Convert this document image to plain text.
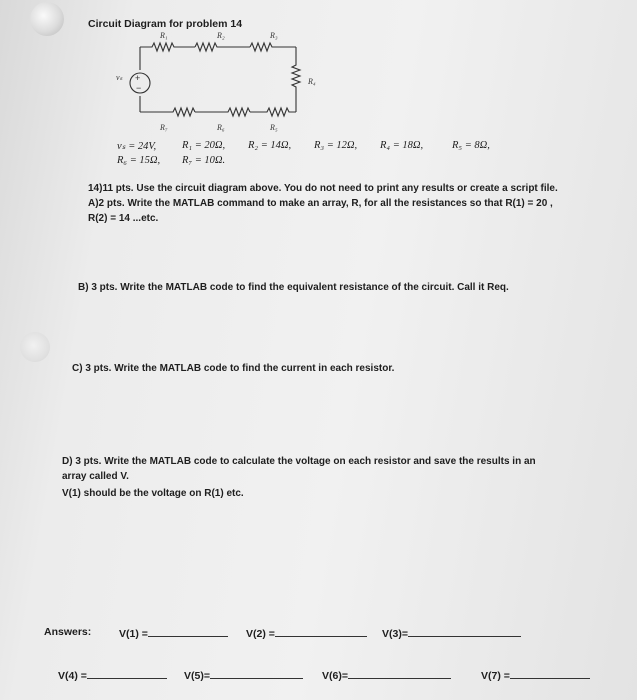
Circuit Diagram for problem 14
+
−
R₁	R₂	R₃
R₄
R₅
R₆
R₇
vₛ
vₛ = 24V, R₁ = 20Ω, R₂ = 14Ω, R₃ = 12Ω, R₄ = 18Ω,	R₅ = 8Ω,
R₆ = 15Ω, R₇ = 10Ω.
14)11 pts. Use the circuit diagram above. You do not need to print any results or create a script file.
A)2 pts. Write the MATLAB command to make an array, R, for all the resistances so that R(1) = 20 ,
R(2) = 14 ...etc.
B) 3 pts. Write the MATLAB code to find the equivalent resistance of the circuit. Call it Req.
C) 3 pts. Write the MATLAB code to find the current in each resistor.
D) 3 pts. Write the MATLAB code to calculate the voltage on each resistor and save the results in an
array called V.
V(1) should be the voltage on R(1) etc.
Answers:	V(1) =	V(2) =	V(3)=
V(4) =	V(5)=	V(6)=	V(7) =
